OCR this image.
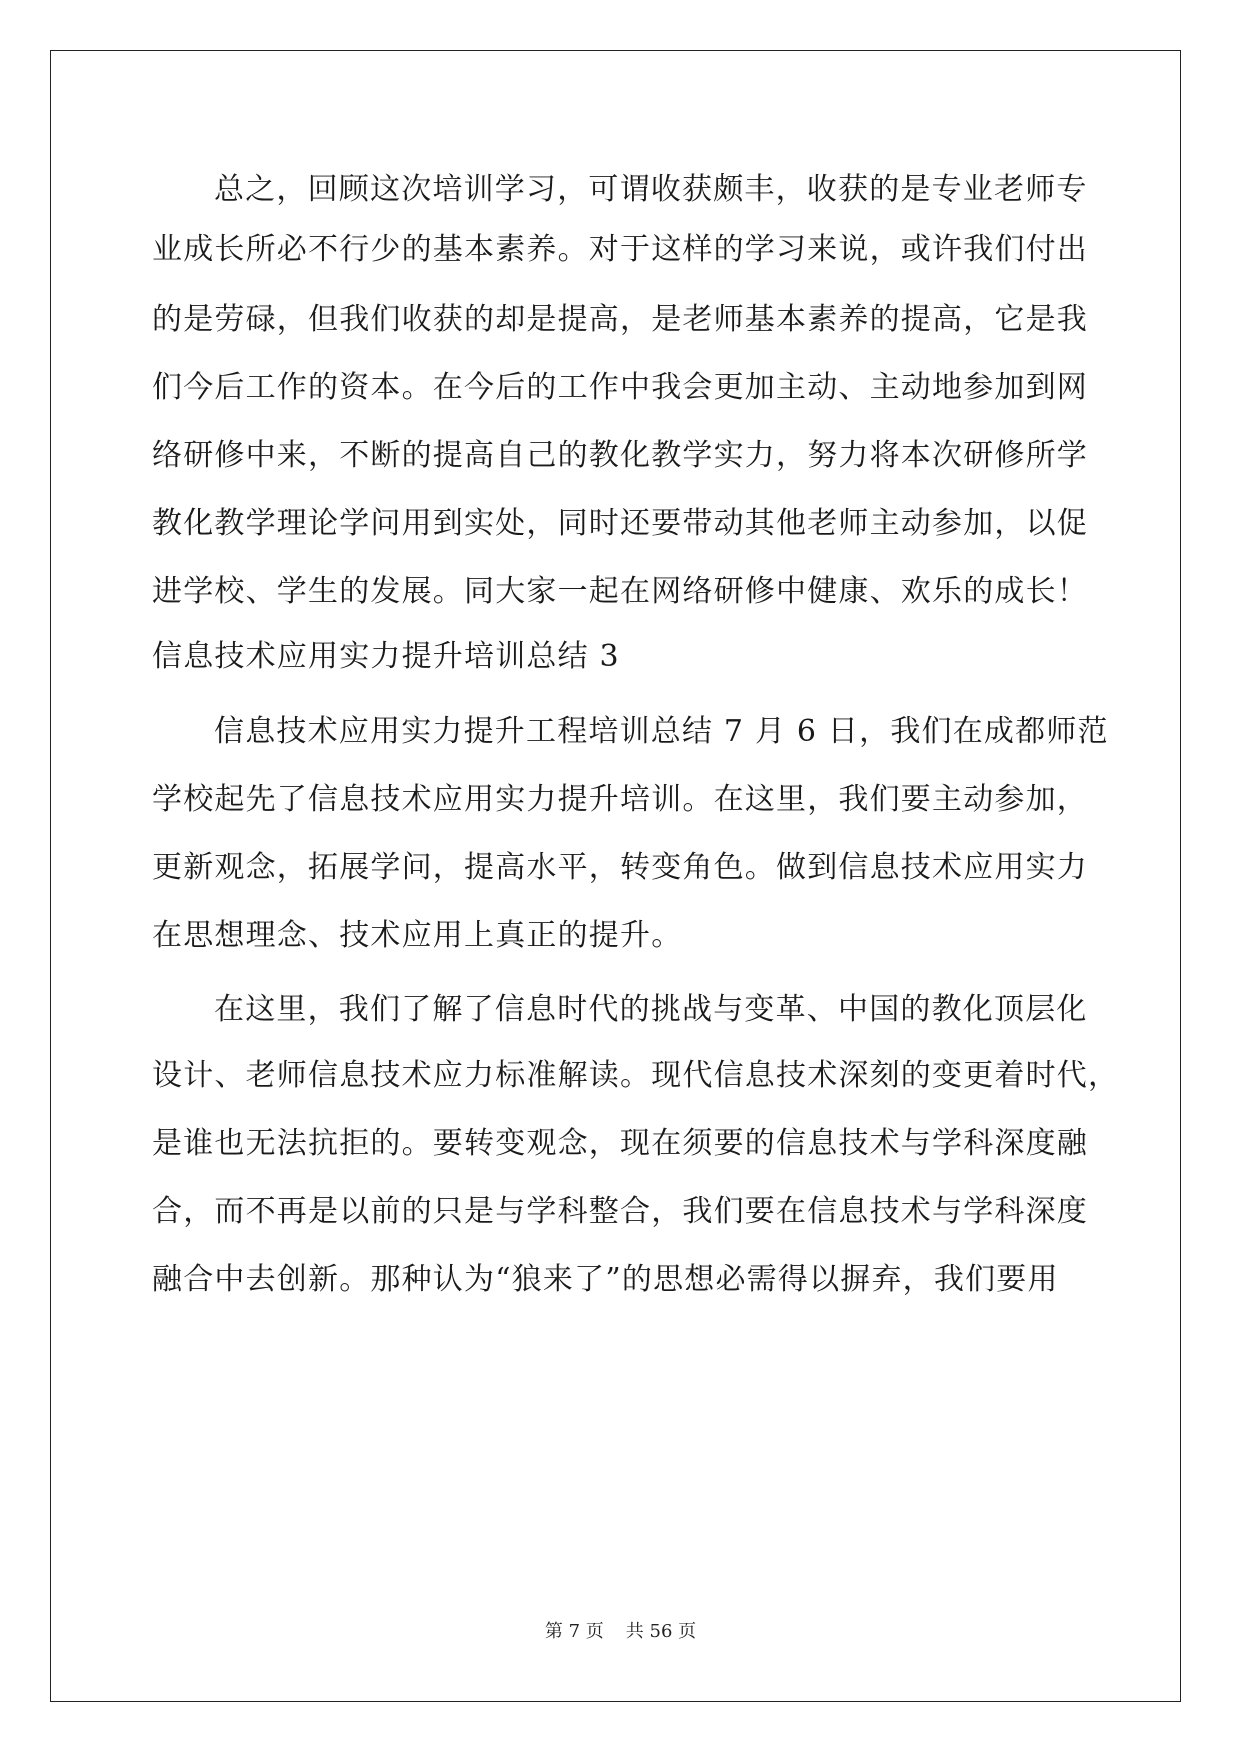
总之，回顾这次培训学习，可谓收获颇丰，收获的是专业老师专
业成长所必不行少的基本素养。对于这样的学习来说，或许我们付出
的是劳碌，但我们收获的却是提高，是老师基本素养的提高，它是我
们今后工作的资本。在今后的工作中我会更加主动、主动地参加到网
络研修中来，不断的提高自己的教化教学实力，努力将本次研修所学
教化教学理论学问用到实处，同时还要带动其他老师主动参加，以促
进学校、学生的发展。同大家一起在网络研修中健康、欢乐的成长！
信息技术应用实力提升培训总结 3
信息技术应用实力提升工程培训总结 7 月 6 日，我们在成都师范
学校起先了信息技术应用实力提升培训。在这里，我们要主动参加，
更新观念，拓展学问，提高水平，转变角色。做到信息技术应用实力
在思想理念、技术应用上真正的提升。
在这里，我们了解了信息时代的挑战与变革、中国的教化顶层化
设计、老师信息技术应力标准解读。现代信息技术深刻的变更着时代，
是谁也无法抗拒的。要转变观念，现在须要的信息技术与学科深度融
合，而不再是以前的只是与学科整合，我们要在信息技术与学科深度
融合中去创新。那种认为“狼来了”的思想必需得以摒弃，我们要用
第 7 页 共 56 页
